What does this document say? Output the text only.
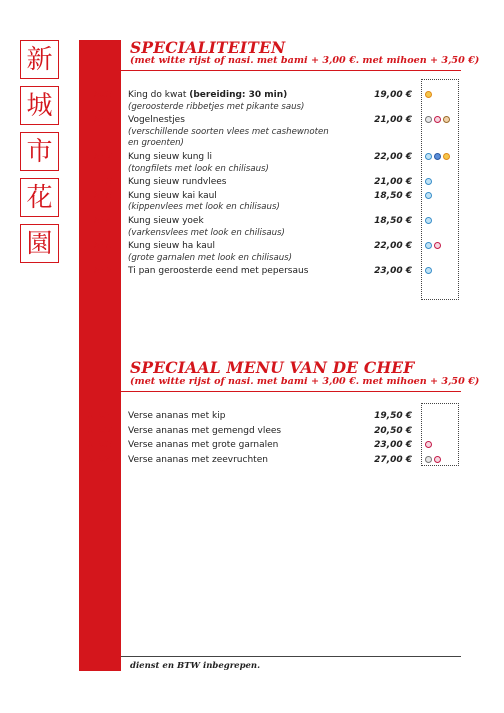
新
城
市
花
園
SPECIALITEITEN
(met witte rijst of nasi. met bami + 3,00 €. met mihoen + 3,50 €)
S03 King do kwat (bereiding: 30 min)	19,00 €
(geroosterde ribbetjes met pikante saus)
S11 Vogelnestjes	21,00 €
(verschillende soorten vlees met cashewnoten
en groenten)
S12 Kung sieuw kung li	22,00 €
(tongfilets met look en chilisaus)
A13 Kung sieuw rundvlees	21,00 €
S13 Kung sieuw kai kaul	18,50 €
(kippenvlees met look en chilisaus)
S14 Kung sieuw yoek	18,50 €
(varkensvlees met look en chilisaus)
S15 Kung sieuw ha kaul	22,00 €
(grote garnalen met look en chilisaus)
S17 Ti pan geroosterde eend met pepersaus	23,00 €
SPECIAAL MENU VAN DE CHEF
(met witte rijst of nasi. met bami + 3,00 €. met mihoen + 3,50 €)
SP01 Verse ananas met kip	19,50 €
SP02 Verse ananas met gemengd vlees	20,50 €
SP03 Verse ananas met grote garnalen	23,00 €
SP04 Verse ananas met zeevruchten	27,00 €
dienst en BTW inbegrepen.
